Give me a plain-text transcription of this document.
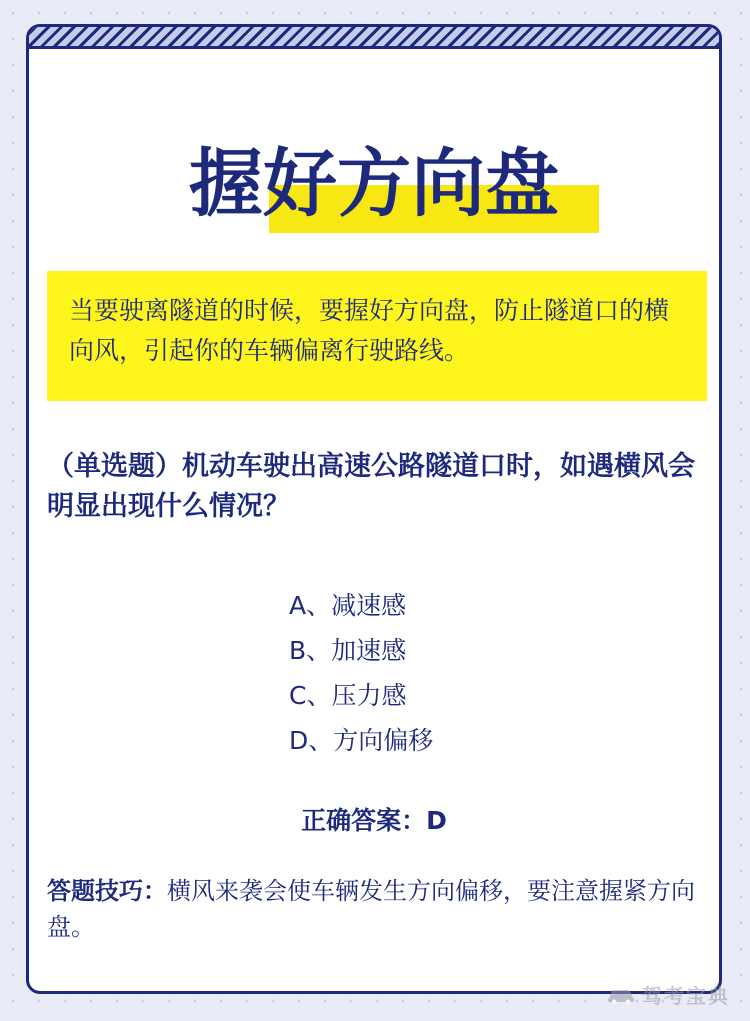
握好方向盘
当要驶离隧道的时候，要握好方向盘，防止隧道口的横向风，引起你的车辆偏离行驶路线。
（单选题）机动车驶出高速公路隧道口时，如遇横风会明显出现什么情况？
A、减速感
B、加速感
C、压力感
D、方向偏移
正确答案：D
答题技巧：横风来袭会使车辆发生方向偏移，要注意握紧方向盘。
驾考宝典
